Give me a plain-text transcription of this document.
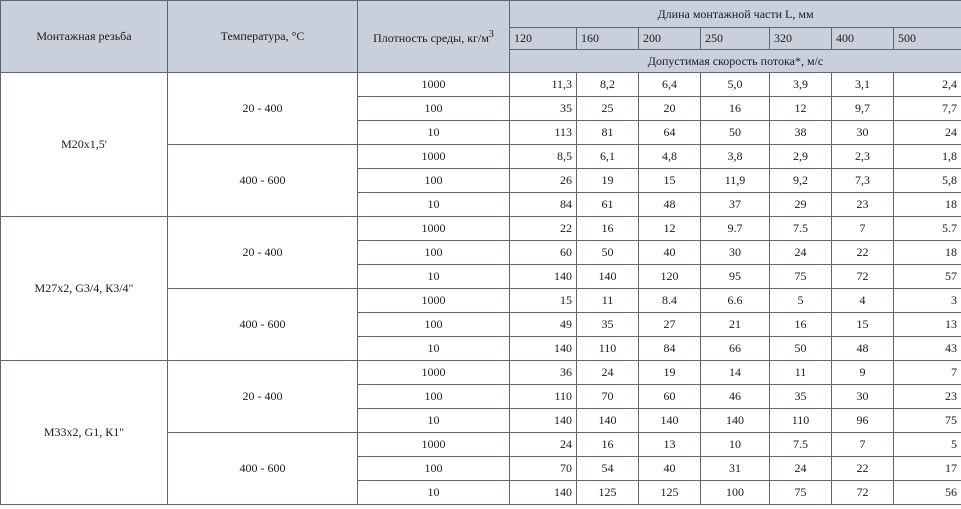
Монтажная резьба	Температура, °С	Плотность среды, $кг/м^3$	Длина монтажной части L, мм						
			120	160	200	250	320	400	500
			Допустимая скорость потока*, м/с						
М20х1,5'	20 - 400	1000	11,3	8,2	6,4	5,0	3,9	3,1	2,4
		100	35	25	20	16	12	9,7	7,7
		10	113	81	64	50	38	30	24
	400 - 600	1000	8,5	6,1	4,8	3,8	2,9	2,3	1,8
		100	26	19	15	11,9	9,2	7,3	5,8
		10	84	61	48	37	29	23	18
М27х2, G3/4, К3/4"	20 - 400	1000	22	16	12	9.7	7.5	7	5.7
		100	60	50	40	30	24	22	18
		10	140	140	120	95	75	72	57
	400 - 600	1000	15	11	8.4	6.6	5	4	3
		100	49	35	27	21	16	15	13
		10	140	110	84	66	50	48	43
М33х2, G1, К1"	20 - 400	1000	36	24	19	14	11	9	7
		100	110	70	60	46	35	30	23
		10	140	140	140	140	110	96	75
	400 - 600	1000	24	16	13	10	7.5	7	5
		100	70	54	40	31	24	22	17
		10	140	125	125	100	75	72	56
